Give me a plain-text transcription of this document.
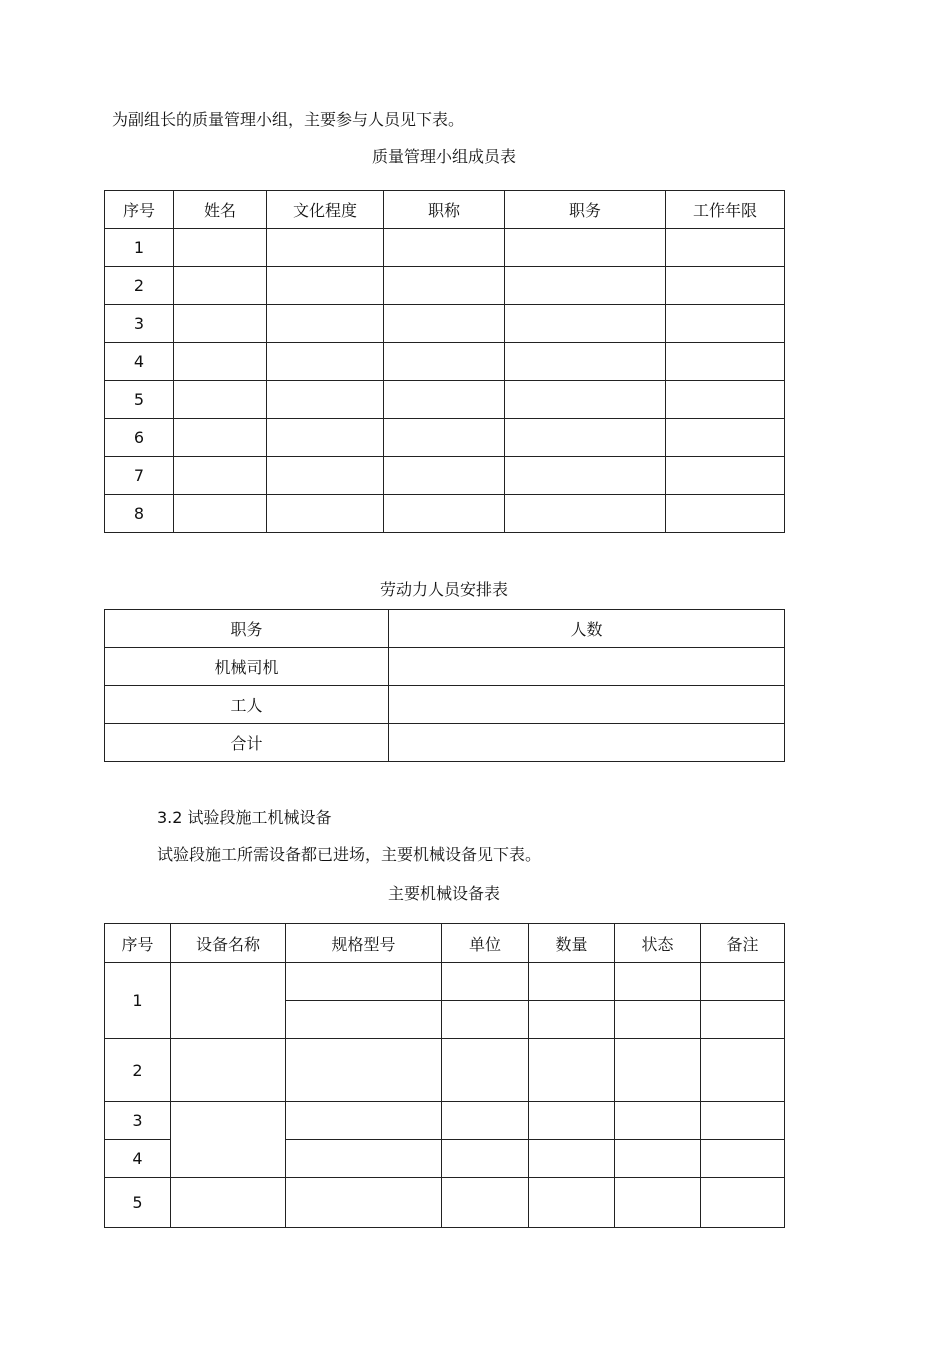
为副组长的质量管理小组，主要参与人员见下表。
质量管理小组成员表
序号	姓名	文化程度	职称	职务	工作年限
1					
2					
3					
4					
5					
6					
7					
8					
劳动力人员安排表
职务	人数
机械司机	
工人	
合计	
3.2 试验段施工机械设备
试验段施工所需设备都已进场，主要机械设备见下表。
主要机械设备表
序号	设备名称	规格型号	单位	数量	状态	备注
1						

2						
3						
4						
5						
